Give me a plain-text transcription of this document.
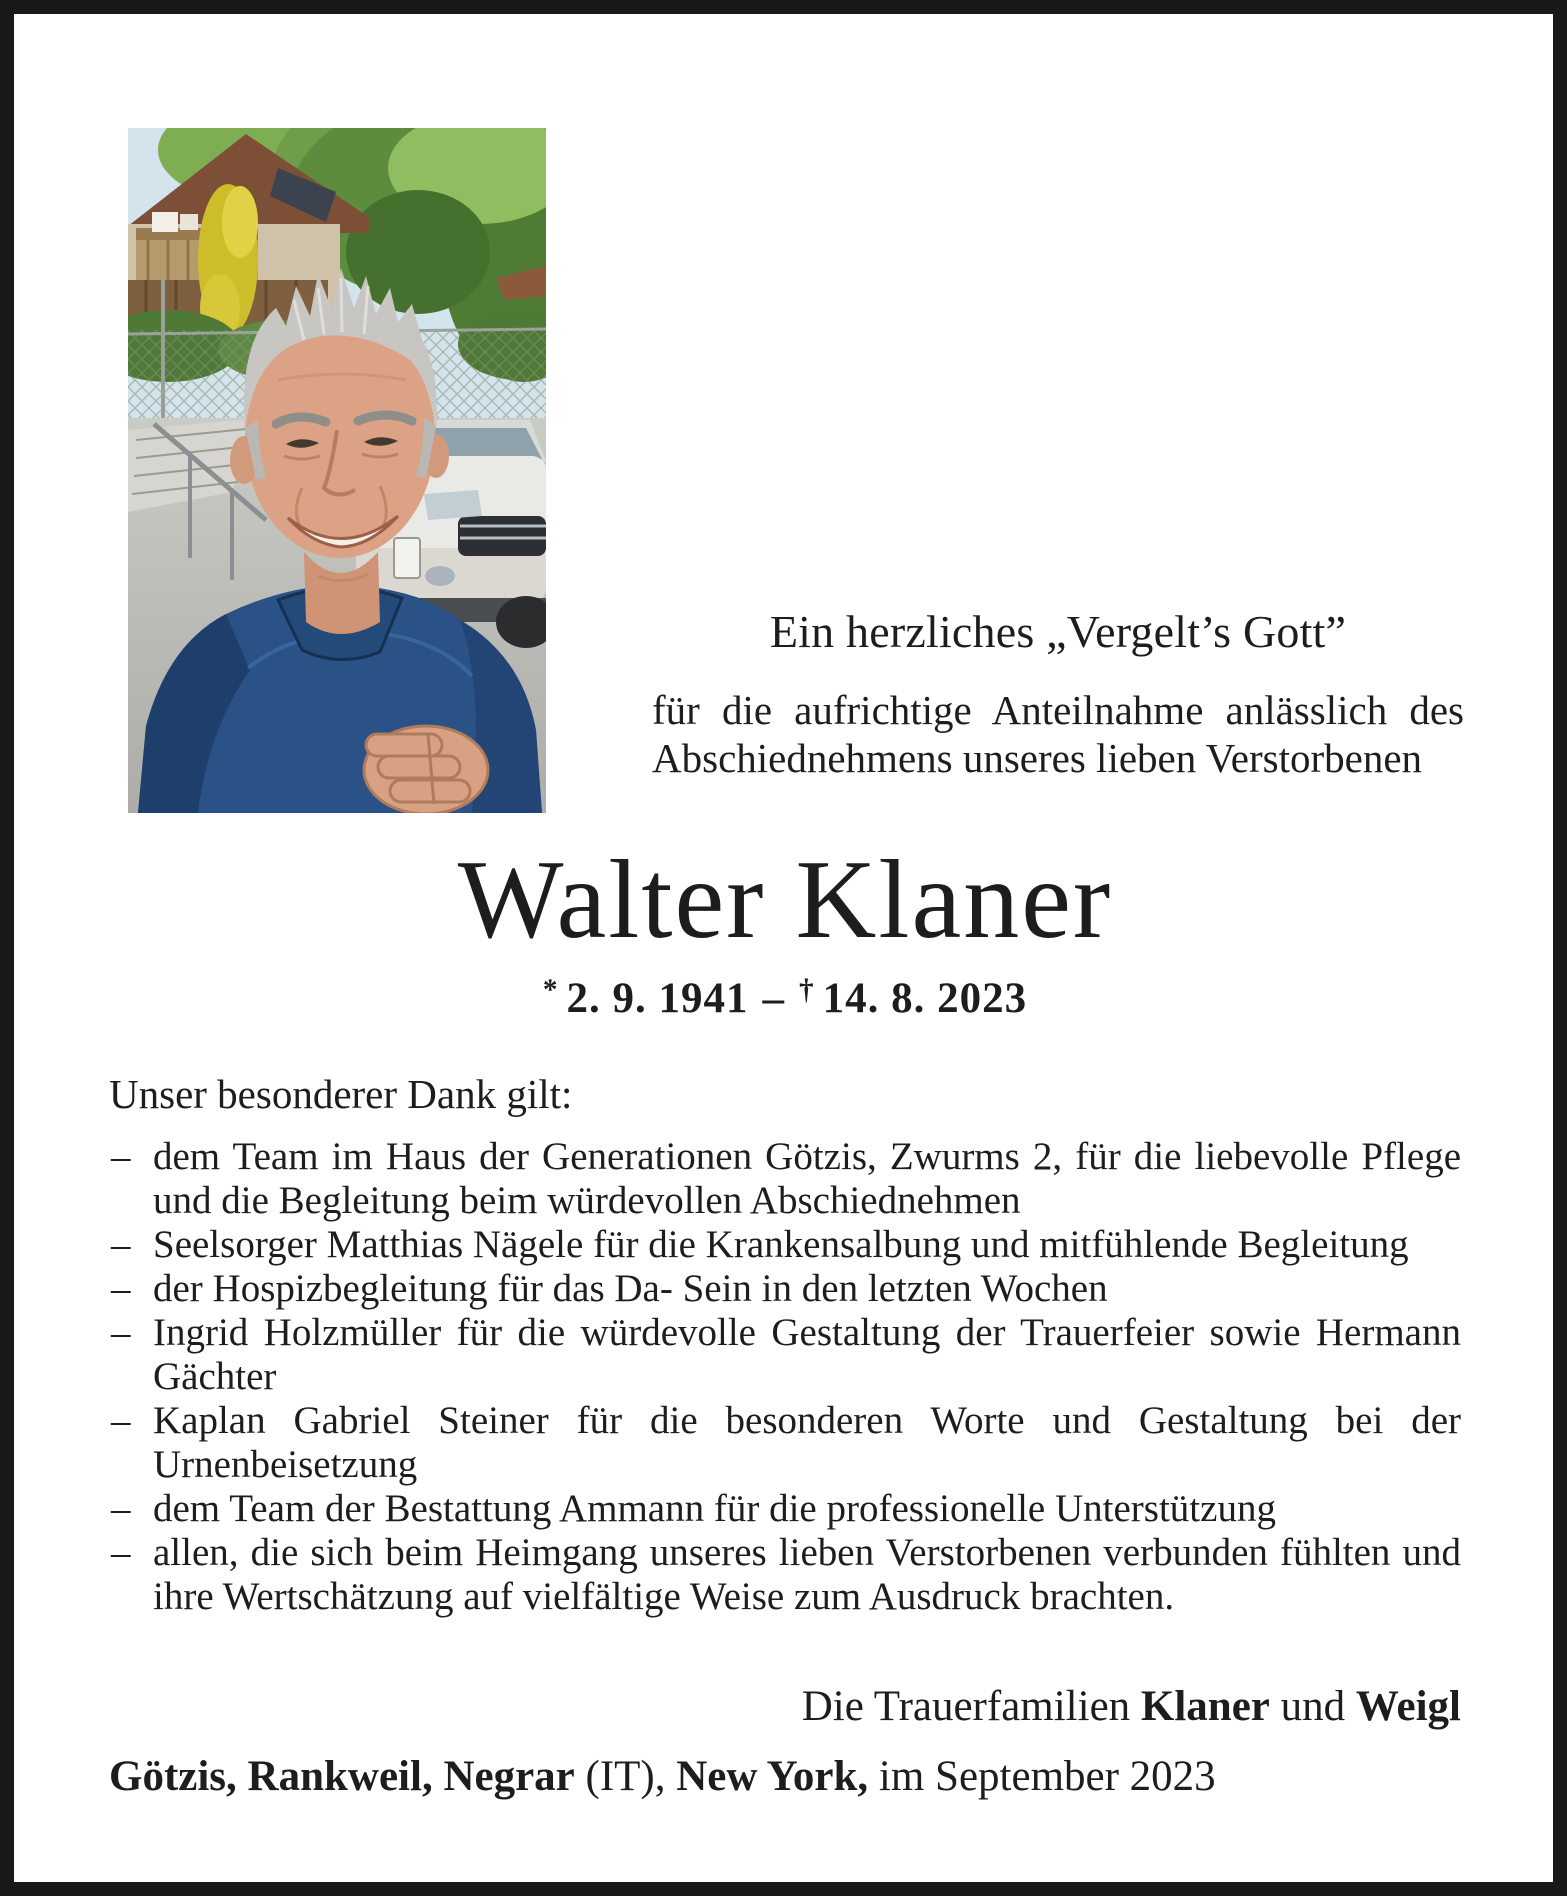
Ein herzliches „Vergelt’s Gott”

für die aufrichtige Anteilnahme anlässlich des Abschiednehmens unseres lieben Verstorbenen

Walter Klaner

* 2. 9. 1941 – † 14. 8. 2023

Unser besonderer Dank gilt:

– dem Team im Haus der Generationen Götzis, Zwurms 2, für die liebevolle Pflege und die Begleitung beim würdevollen Abschiednehmen
– Seelsorger Matthias Nägele für die Krankensalbung und mitfühlende Begleitung
– der Hospizbegleitung für das Da- Sein in den letzten Wochen
– Ingrid Holzmüller für die würdevolle Gestaltung der Trauerfeier sowie Hermann Gächter
– Kaplan Gabriel Steiner für die besonderen Worte und Gestaltung bei der Urnenbeisetzung
– dem Team der Bestattung Ammann für die professionelle Unterstützung
– allen, die sich beim Heimgang unseres lieben Verstorbenen verbunden fühlten und ihre Wertschätzung auf vielfältige Weise zum Ausdruck brachten.

Die Trauerfamilien Klaner und Weigl

Götzis, Rankweil, Negrar (IT), New York, im September 2023
